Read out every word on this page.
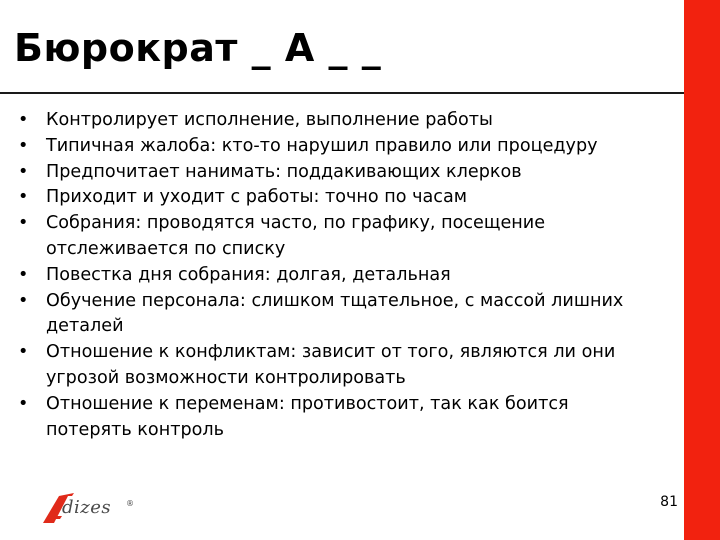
Бюрократ _ А _ _
•	Контролирует исполнение, выполнение работы
•	Типичная жалоба: кто-то нарушил правило или процедуру
•	Предпочитает нанимать: поддакивающих клерков
•	Приходит и уходит с работы: точно по часам
•	Собрания: проводятся часто, по графику, посещение отслеживается по списку
•	Повестка дня собрания: долгая, детальная
•	Обучение персонала: слишком тщательное, с массой лишних деталей
•	Отношение к конфликтам: зависит от того, являются ли они угрозой возможности контролировать
•	Отношение к переменам: противостоит, так как боится потерять контроль
dizes ®	81
